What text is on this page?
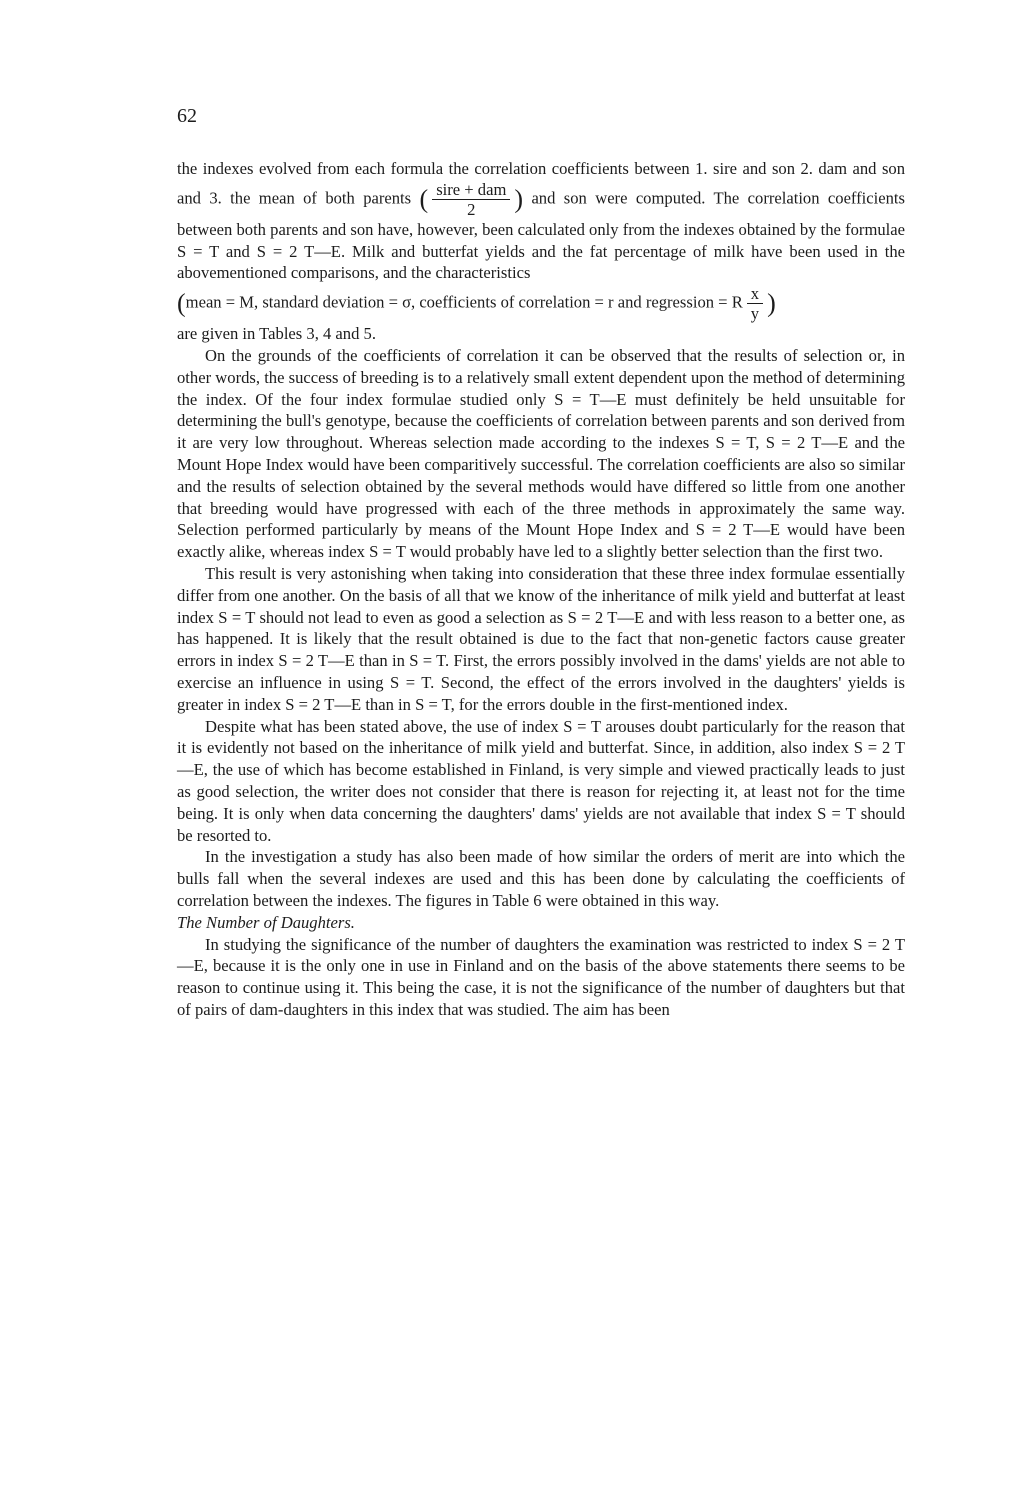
62

the indexes evolved from each formula the correlation coefficients between 1. sire and son 2. dam and son and 3. the mean of both parents ( $\frac{\text{sire + dam}}{2}$ ) and son were computed. The correlation coefficients between both parents and son have, however, been calculated only from the indexes obtained by the formulae S = T and S = 2 T—E. Milk and butterfat yields and the fat percentage of milk have been used in the abovementioned comparisons, and the characteristics

(mean = M, standard deviation = σ, coefficients of correlation = r and regression = R $\frac{x}{y}$ )

are given in Tables 3, 4 and 5.

On the grounds of the coefficients of correlation it can be observed that the results of selection or, in other words, the success of breeding is to a relatively small extent dependent upon the method of determining the index. Of the four index formulae studied only S = T—E must definitely be held unsuitable for determining the bull's genotype, because the coefficients of correlation between parents and son derived from it are very low throughout. Whereas selection made according to the indexes S = T, S = 2 T—E and the Mount Hope Index would have been comparitively successful. The correlation coefficients are also so similar and the results of selection obtained by the several methods would have differed so little from one another that breeding would have progressed with each of the three methods in approximately the same way. Selection performed particularly by means of the Mount Hope Index and S = 2 T—E would have been exactly alike, whereas index S = T would probably have led to a slightly better selection than the first two.

This result is very astonishing when taking into consideration that these three index formulae essentially differ from one another. On the basis of all that we know of the inheritance of milk yield and butterfat at least index S = T should not lead to even as good a selection as S = 2 T—E and with less reason to a better one, as has happened. It is likely that the result obtained is due to the fact that non-genetic factors cause greater errors in index S = 2 T—E than in S = T. First, the errors possibly involved in the dams' yields are not able to exercise an influence in using S = T. Second, the effect of the errors involved in the daughters' yields is greater in index S = 2 T—E than in S = T, for the errors double in the first-mentioned index.

Despite what has been stated above, the use of index S = T arouses doubt particularly for the reason that it is evidently not based on the inheritance of milk yield and butterfat. Since, in addition, also index S = 2 T—E, the use of which has become established in Finland, is very simple and viewed practically leads to just as good selection, the writer does not consider that there is reason for rejecting it, at least not for the time being. It is only when data concerning the daughters' dams' yields are not available that index S = T should be resorted to.

In the investigation a study has also been made of how similar the orders of merit are into which the bulls fall when the several indexes are used and this has been done by calculating the coefficients of correlation between the indexes. The figures in Table 6 were obtained in this way.

The Number of Daughters.

In studying the significance of the number of daughters the examination was restricted to index S = 2 T—E, because it is the only one in use in Finland and on the basis of the above statements there seems to be reason to continue using it. This being the case, it is not the significance of the number of daughters but that of pairs of dam-daughters in this index that was studied. The aim has been
